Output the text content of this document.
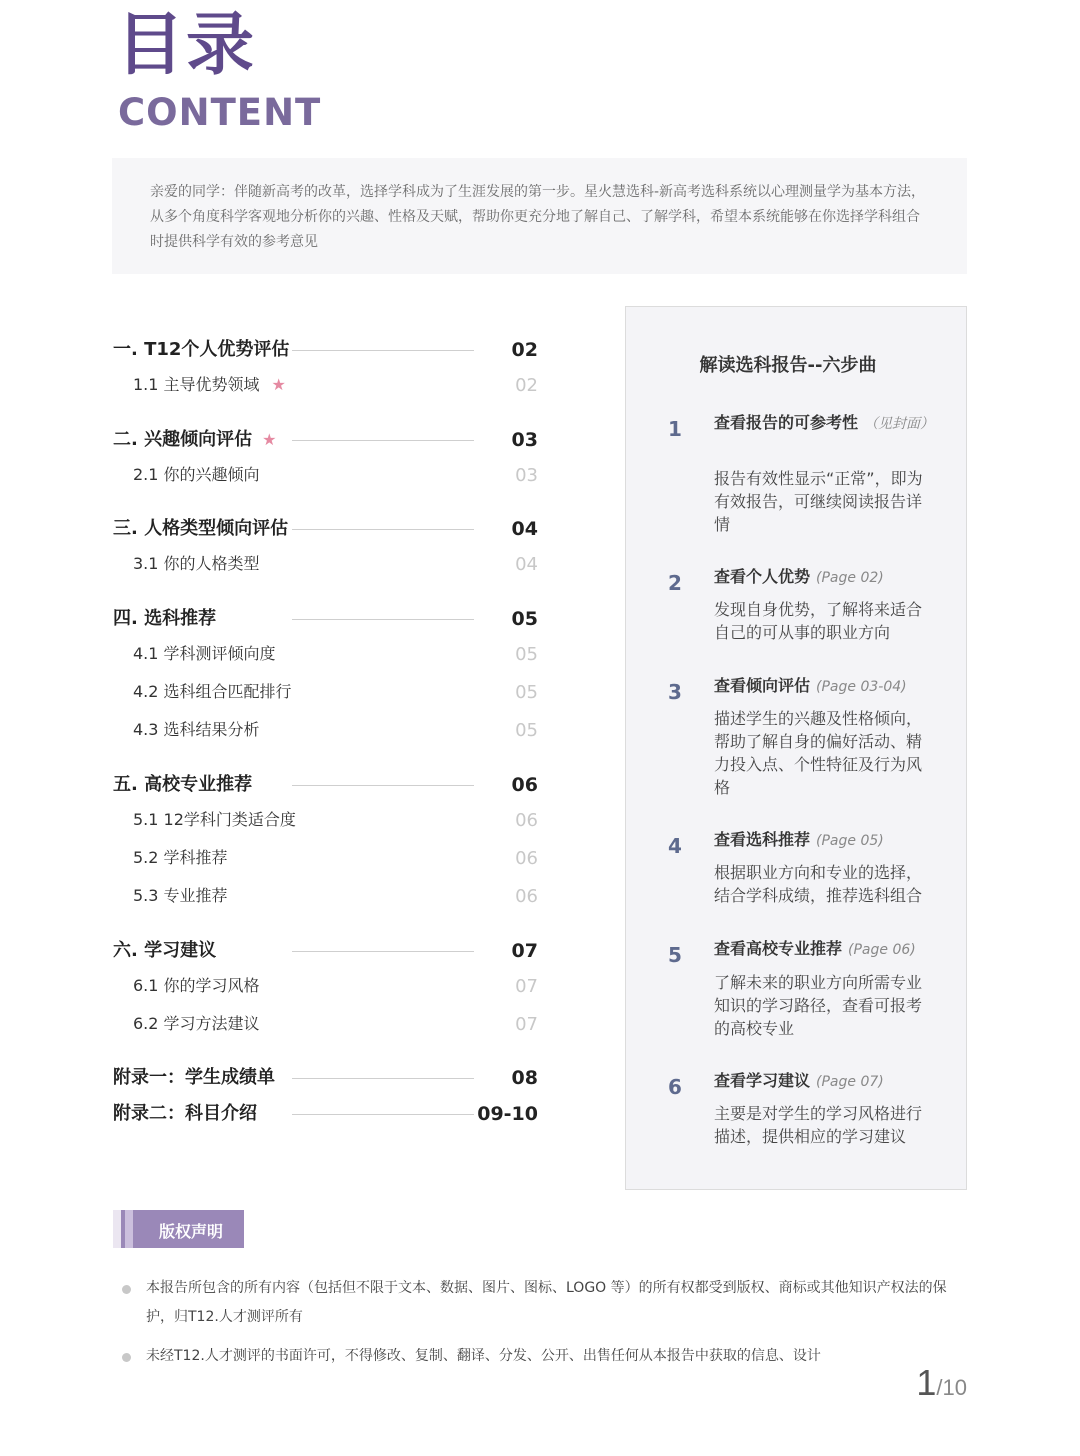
目录
CONTENT
亲爱的同学：伴随新高考的改革，选择学科成为了生涯发展的第一步。星火慧选科-新高考选科系统以心理测量学为基本方法，从多个角度科学客观地分析你的兴趣、性格及天赋，帮助你更充分地了解自己、了解学科，希望本系统能够在你选择学科组合时提供科学有效的参考意见
一. T12个人优势评估	02
1.1 主导优势领域 ★	02
二. 兴趣倾向评估 ★	03
2.1 你的兴趣倾向	03
三. 人格类型倾向评估	04
3.1 你的人格类型	04
四. 选科推荐	05
4.1 学科测评倾向度	05
4.2 选科组合匹配排行	05
4.3 选科结果分析	05
五. 高校专业推荐	06
5.1 12学科门类适合度	06
5.2 学科推荐	06
5.3 专业推荐	06
六. 学习建议	07
6.1 你的学习风格	07
6.2 学习方法建议	07
附录一：学生成绩单	08
附录二：科目介绍	09-10
解读选科报告--六步曲
1 查看报告的可参考性 （见封面）
报告有效性显示“正常”，即为有效报告，可继续阅读报告详情
2 查看个人优势 (Page 02)
发现自身优势，了解将来适合自己的可从事的职业方向
3 查看倾向评估 (Page 03-04)
描述学生的兴趣及性格倾向，帮助了解自身的偏好活动、精力投入点、个性特征及行为风格
4 查看选科推荐 (Page 05)
根据职业方向和专业的选择，结合学科成绩，推荐选科组合
5 查看高校专业推荐 (Page 06)
了解未来的职业方向所需专业知识的学习路径，查看可报考的高校专业
6 查看学习建议 (Page 07)
主要是对学生的学习风格进行描述，提供相应的学习建议
版权声明
本报告所包含的所有内容（包括但不限于文本、数据、图片、图标、LOGO 等）的所有权都受到版权、商标或其他知识产权法的保护，归T12.人才测评所有
未经T12.人才测评的书面许可，不得修改、复制、翻译、分发、公开、出售任何从本报告中获取的信息、设计
1/10
